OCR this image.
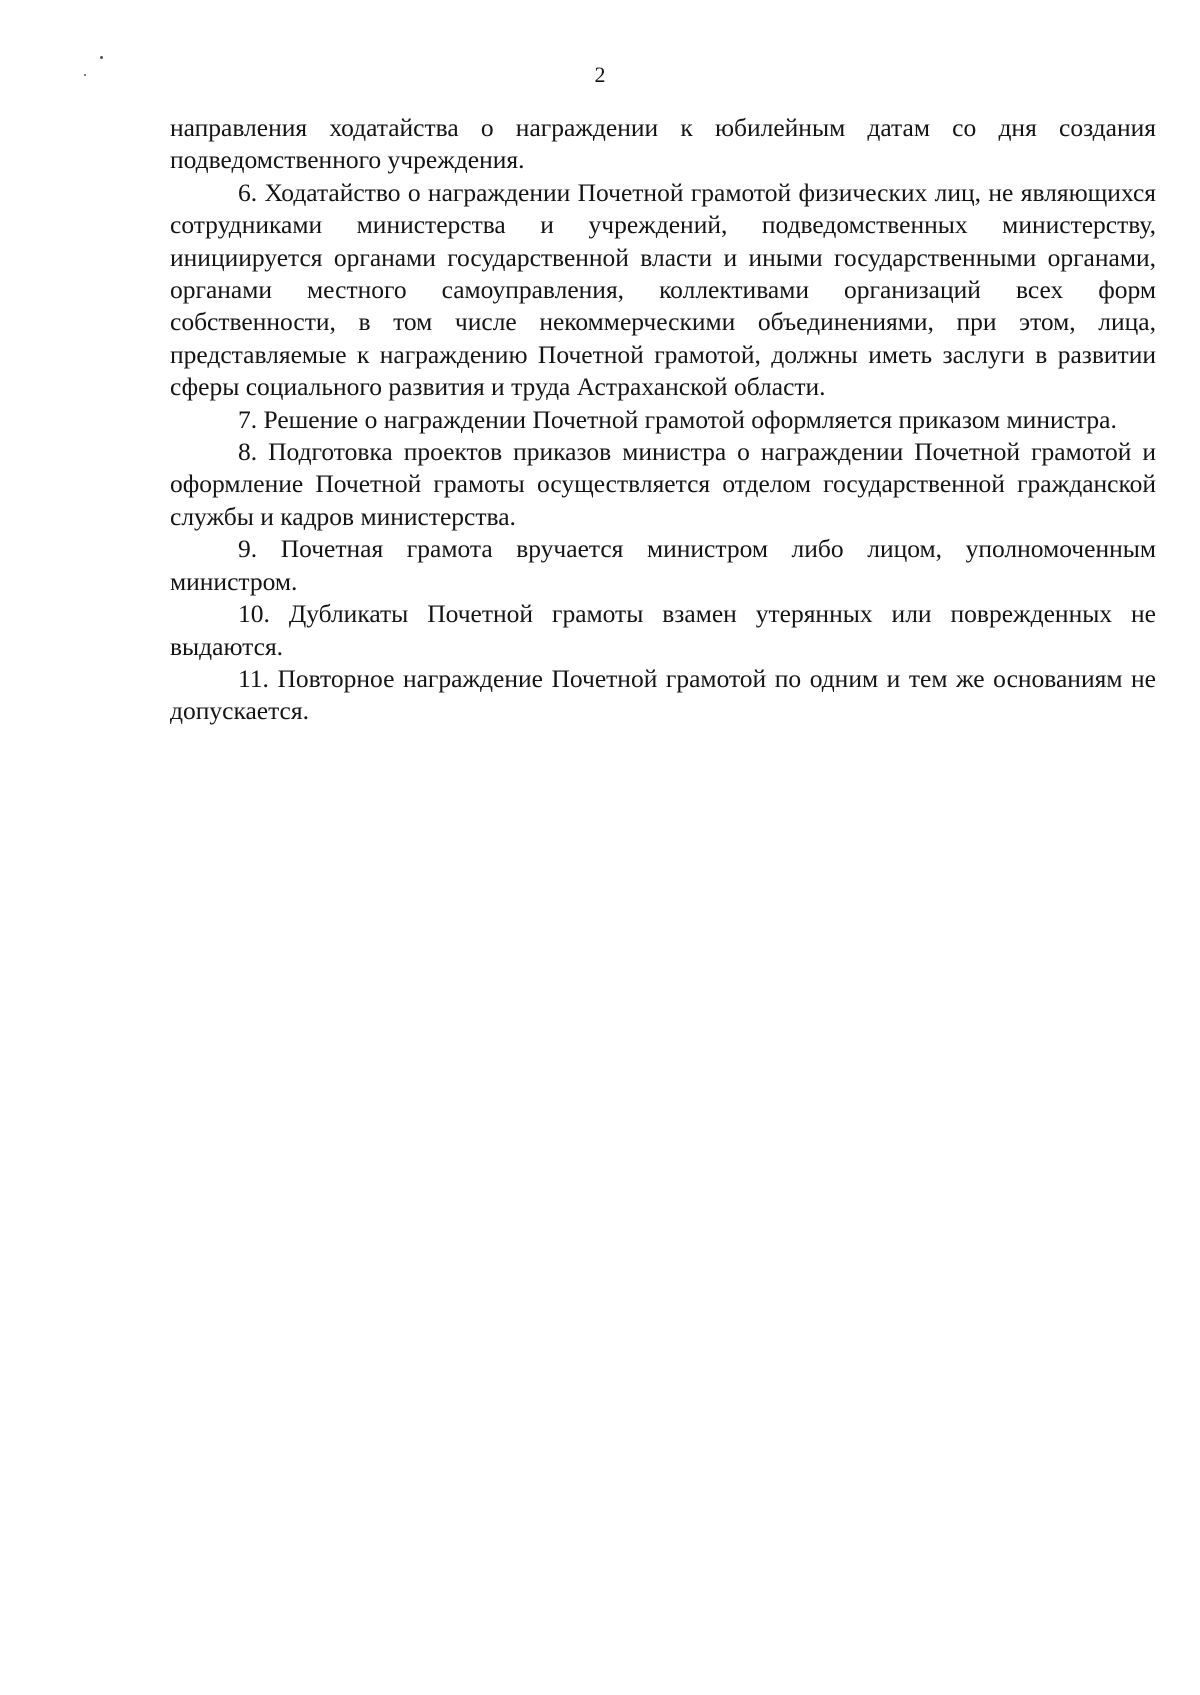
2

направления ходатайства о награждении к юбилейным датам со дня создания подведомственного учреждения.

6. Ходатайство о награждении Почетной грамотой физических лиц, не являющихся сотрудниками министерства и учреждений, подведомственных министерству, инициируется органами государственной власти и иными государственными органами, органами местного самоуправления, коллективами организаций всех форм собственности, в том числе некоммерческими объединениями, при этом, лица, представляемые к награждению Почетной грамотой, должны иметь заслуги в развитии сферы социального развития и труда Астраханской области.

7. Решение о награждении Почетной грамотой оформляется приказом министра.

8. Подготовка проектов приказов министра о награждении Почетной грамотой и оформление Почетной грамоты осуществляется отделом государственной гражданской службы и кадров министерства.

9. Почетная грамота вручается министром либо лицом, уполномоченным министром.

10. Дубликаты Почетной грамоты взамен утерянных или поврежденных не выдаются.

11. Повторное награждение Почетной грамотой по одним и тем же основаниям не допускается.
